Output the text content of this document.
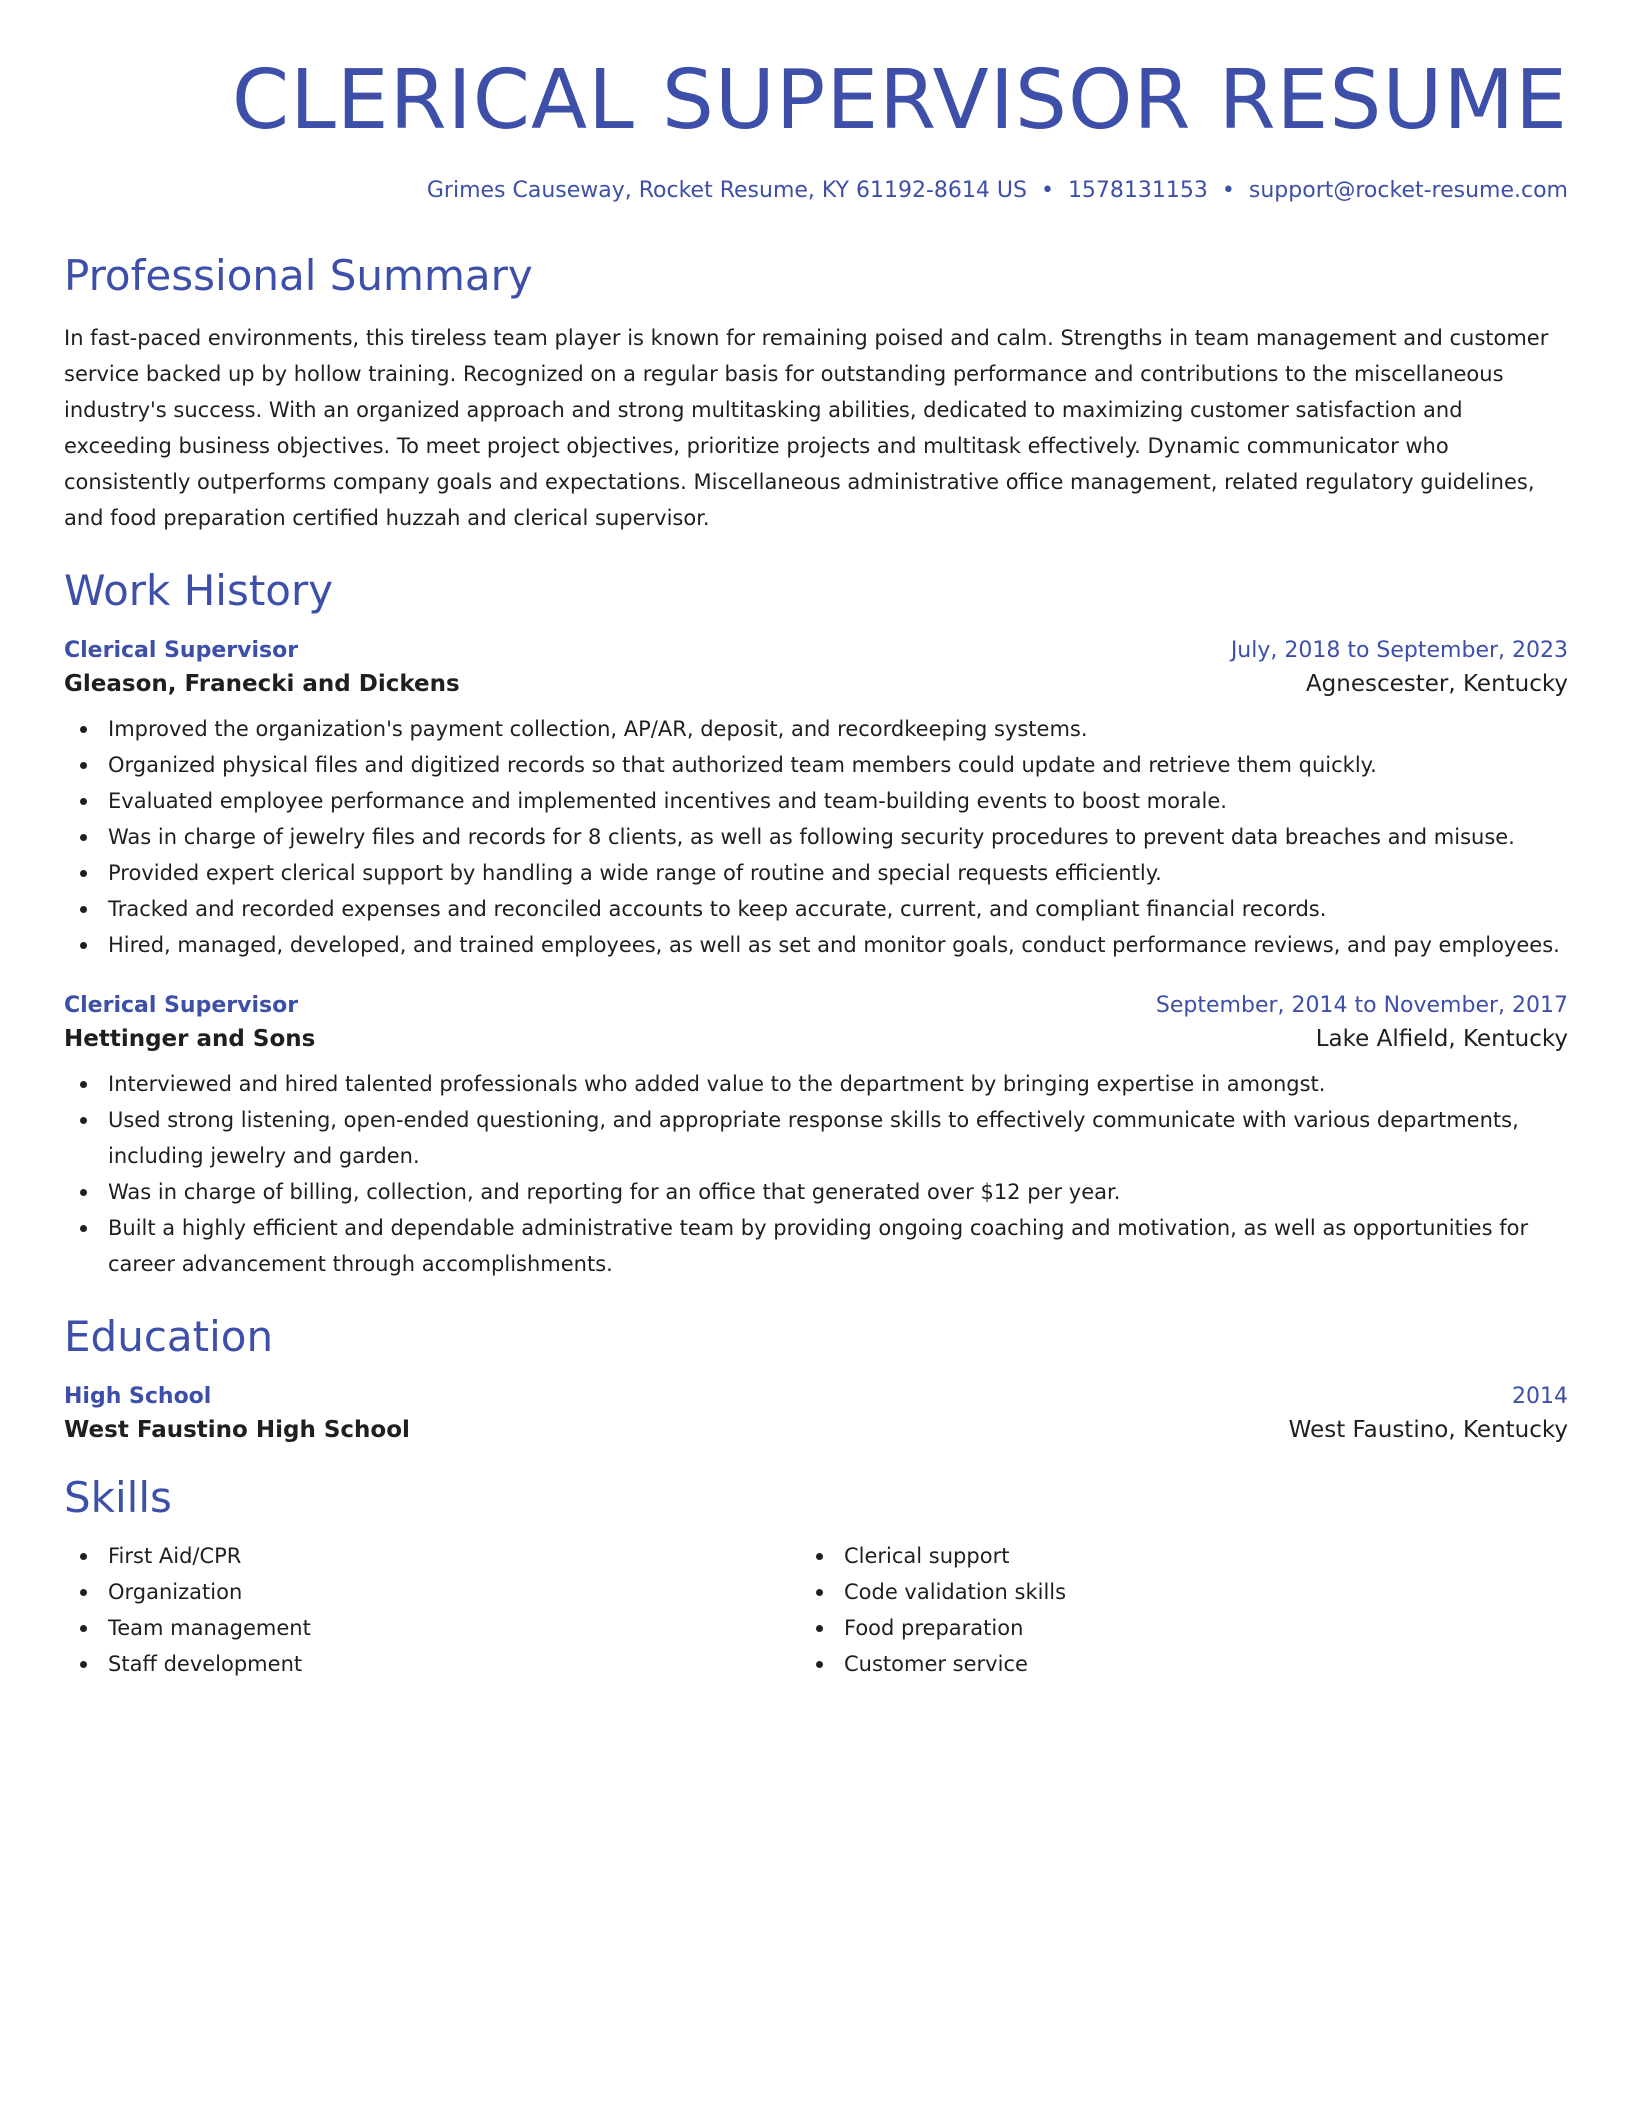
CLERICAL SUPERVISOR RESUME
Grimes Causeway, Rocket Resume, KY 61192-8614 US • 1578131153 • support@rocket-resume.com
Professional Summary
In fast-paced environments, this tireless team player is known for remaining poised and calm. Strengths in team management and customer service backed up by hollow training. Recognized on a regular basis for outstanding performance and contributions to the miscellaneous industry's success. With an organized approach and strong multitasking abilities, dedicated to maximizing customer satisfaction and exceeding business objectives. To meet project objectives, prioritize projects and multitask effectively. Dynamic communicator who consistently outperforms company goals and expectations. Miscellaneous administrative office management, related regulatory guidelines, and food preparation certified huzzah and clerical supervisor.
Work History
Clerical Supervisor	July, 2018 to September, 2023
Gleason, Franecki and Dickens	Agnescester, Kentucky
Improved the organization's payment collection, AP/AR, deposit, and recordkeeping systems.
Organized physical files and digitized records so that authorized team members could update and retrieve them quickly.
Evaluated employee performance and implemented incentives and team-building events to boost morale.
Was in charge of jewelry files and records for 8 clients, as well as following security procedures to prevent data breaches and misuse.
Provided expert clerical support by handling a wide range of routine and special requests efficiently.
Tracked and recorded expenses and reconciled accounts to keep accurate, current, and compliant financial records.
Hired, managed, developed, and trained employees, as well as set and monitor goals, conduct performance reviews, and pay employees.
Clerical Supervisor	September, 2014 to November, 2017
Hettinger and Sons	Lake Alfield, Kentucky
Interviewed and hired talented professionals who added value to the department by bringing expertise in amongst.
Used strong listening, open-ended questioning, and appropriate response skills to effectively communicate with various departments, including jewelry and garden.
Was in charge of billing, collection, and reporting for an office that generated over $12 per year.
Built a highly efficient and dependable administrative team by providing ongoing coaching and motivation, as well as opportunities for career advancement through accomplishments.
Education
High School	2014
West Faustino High School	West Faustino, Kentucky
Skills
First Aid/CPR
Organization
Team management
Staff development
Clerical support
Code validation skills
Food preparation
Customer service
